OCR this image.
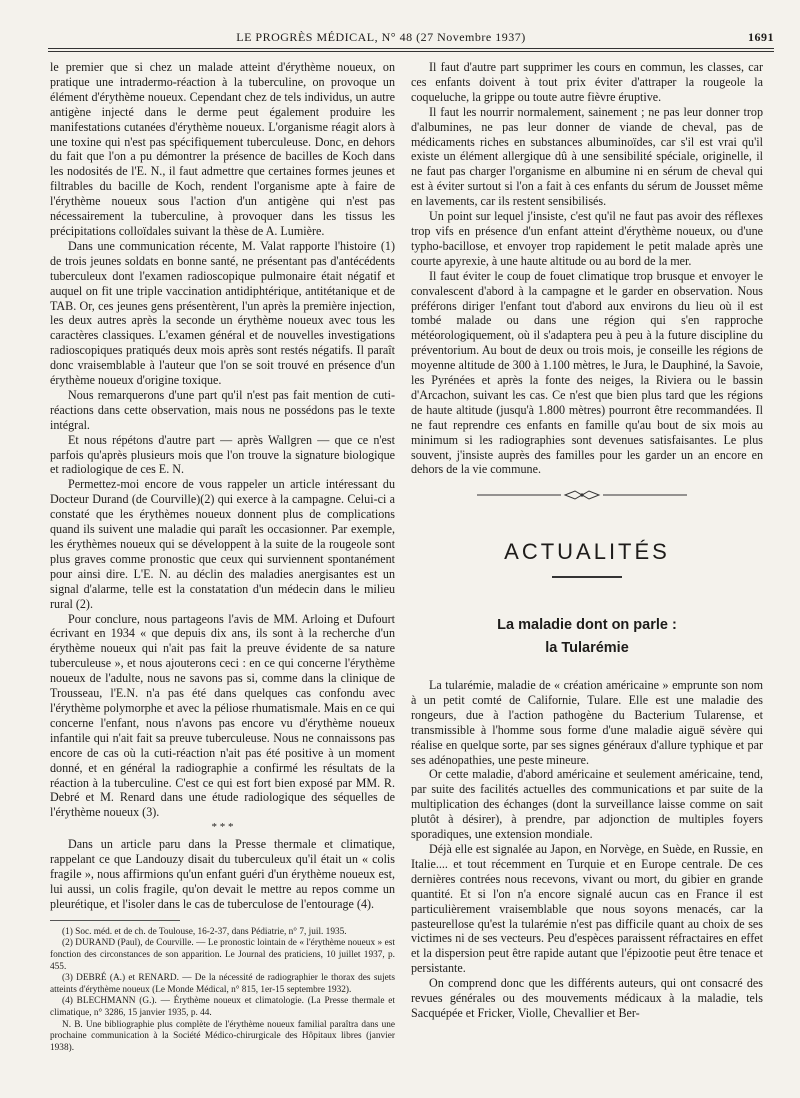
LE PROGRÈS MÉDICAL, N° 48 (27 Novembre 1937)	1691

le premier que si chez un malade atteint d'érythème noueux, on pratique une intradermo-réaction à la tuberculine, on provoque un élément d'érythème noueux. Cependant chez de tels individus, un autre antigène injecté dans le derme peut également produire les manifestations cutanées d'érythème noueux. L'organisme réagit alors à une toxine qui n'est pas spécifiquement tuberculeuse. Donc, en dehors du fait que l'on a pu démontrer la présence de bacilles de Koch dans les nodosités de l'E. N., il faut admettre que certaines formes jeunes et filtrables du bacille de Koch, rendent l'organisme apte à faire de l'érythème noueux sous l'action d'un antigène qui n'est pas nécessairement la tuberculine, à provoquer dans les tissus les précipitations colloïdales suivant la thèse de A. Lumière.

Dans une communication récente, M. Valat rapporte l'histoire (1) de trois jeunes soldats en bonne santé, ne présentant pas d'antécédents tuberculeux dont l'examen radioscopique pulmonaire était négatif et auquel on fit une triple vaccination antidiphtérique, antitétanique et de TAB. Or, ces jeunes gens présentèrent, l'un après la première injection, les deux autres après la seconde un érythème noueux avec tous les caractères classiques. L'examen général et de nouvelles investigations radioscopiques pratiqués deux mois après sont restés négatifs. Il paraît donc vraisemblable à l'auteur que l'on se soit trouvé en présence d'un érythème noueux d'origine toxique.

Nous remarquerons d'une part qu'il n'est pas fait mention de cuti-réactions dans cette observation, mais nous ne possédons pas le texte intégral.

Et nous répétons d'autre part — après Wallgren — que ce n'est parfois qu'après plusieurs mois que l'on trouve la signature biologique et radiologique de ces E. N.

Permettez-moi encore de vous rappeler un article intéressant du Docteur Durand (de Courville)(2) qui exerce à la campagne. Celui-ci a constaté que les érythèmes noueux donnent plus de complications quand ils suivent une maladie qui paraît les occasionner. Par exemple, les érythèmes noueux qui se développent à la suite de la rougeole sont plus graves comme pronostic que ceux qui surviennent spontanément pour ainsi dire. L'E. N. au déclin des maladies anergisantes est un signal d'alarme, telle est la constatation d'un médecin dans le milieu rural (2).

Pour conclure, nous partageons l'avis de MM. Arloing et Dufourt écrivant en 1934 « que depuis dix ans, ils sont à la recherche d'un érythème noueux qui n'ait pas fait la preuve évidente de sa nature tuberculeuse », et nous ajouterons ceci : en ce qui concerne l'érythème noueux de l'adulte, nous ne savons pas si, comme dans la clinique de Trousseau, l'E.N. n'a pas été dans quelques cas confondu avec l'érythème polymorphe et avec la péliose rhumatismale. Mais en ce qui concerne l'enfant, nous n'avons pas encore vu d'érythème noueux infantile qui n'ait fait sa preuve tuberculeuse. Nous ne connaissons pas encore de cas où la cuti-réaction n'ait pas été positive à un moment donné, et en général la radiographie a confirmé les résultats de la réaction à la tuberculine. C'est ce qui est fort bien exposé par MM. R. Debré et M. Renard dans une étude radiologique des séquelles de l'érythème noueux (3).

* * *

Dans un article paru dans la Presse thermale et climatique, rappelant ce que Landouzy disait du tuberculeux qu'il était un « colis fragile », nous affirmions qu'un enfant guéri d'un érythème noueux est, lui aussi, un colis fragile, qu'on devait le mettre au repos comme un pleurétique, et l'isoler dans le cas de tuberculose de l'entourage (4).

(1) Soc. méd. et de ch. de Toulouse, 16-2-37, dans Pédiatrie, n° 7, juil. 1935.

(2) DURAND (Paul), de Courville. — Le pronostic lointain de « l'érythème noueux » est fonction des circonstances de son apparition. Le Journal des praticiens, 10 juillet 1937, p. 455.

(3) DEBRÉ (A.) et RENARD. — De la nécessité de radiographier le thorax des sujets atteints d'érythème noueux (Le Monde Médical, n° 815, 1er-15 septembre 1932).

(4) BLECHMANN (G.). — Érythème noueux et climatologie. (La Presse thermale et climatique, n° 3286, 15 janvier 1935, p. 44.

N. B. Une bibliographie plus complète de l'érythème noueux familial paraîtra dans une prochaine communication à la Société Médico-chirurgicale des Hôpitaux libres (janvier 1938).

Il faut d'autre part supprimer les cours en commun, les classes, car ces enfants doivent à tout prix éviter d'attraper la rougeole la coqueluche, la grippe ou toute autre fièvre éruptive.

Il faut les nourrir normalement, sainement ; ne pas leur donner trop d'albumines, ne pas leur donner de viande de cheval, pas de médicaments riches en substances albuminoïdes, car s'il est vrai qu'il existe un élément allergique dû à une sensibilité spéciale, originelle, il ne faut pas charger l'organisme en albumine ni en sérum de cheval qui est à éviter surtout si l'on a fait à ces enfants du sérum de Jousset même en lavements, car ils restent sensibilisés.

Un point sur lequel j'insiste, c'est qu'il ne faut pas avoir des réflexes trop vifs en présence d'un enfant atteint d'érythème noueux, ou d'une typho-bacillose, et envoyer trop rapidement le petit malade après une courte apyrexie, à une haute altitude ou au bord de la mer.

Il faut éviter le coup de fouet climatique trop brusque et envoyer le convalescent d'abord à la campagne et le garder en observation. Nous préférons diriger l'enfant tout d'abord aux environs du lieu où il est tombé malade ou dans une région qui s'en rapproche météorologiquement, où il s'adaptera peu à peu à la future discipline du préventorium. Au bout de deux ou trois mois, je conseille les régions de moyenne altitude de 300 à 1.100 mètres, le Jura, le Dauphiné, la Savoie, les Pyrénées et après la fonte des neiges, la Riviera ou le bassin d'Arcachon, suivant les cas. Ce n'est que bien plus tard que les régions de haute altitude (jusqu'à 1.800 mètres) pourront être recommandées. Il ne faut reprendre ces enfants en famille qu'au bout de six mois au minimum si les radiographies sont devenues satisfaisantes. Le plus souvent, j'insiste auprès des familles pour les garder un an encore en dehors de la vie commune.

ACTUALITÉS
La maladie dont on parle :
la Tularémie

La tularémie, maladie de « création américaine » emprunte son nom à un petit comté de Californie, Tulare. Elle est une maladie des rongeurs, due à l'action pathogène du Bacterium Tularense, et transmissible à l'homme sous forme d'une maladie aiguë sévère qui réalise en quelque sorte, par ses signes généraux d'allure typhique et par ses adénopathies, une peste mineure.

Or cette maladie, d'abord américaine et seulement américaine, tend, par suite des facilités actuelles des communications et par suite de la multiplication des échanges (dont la surveillance laisse comme on sait plutôt à désirer), à prendre, par adjonction de multiples foyers sporadiques, une extension mondiale.

Déjà elle est signalée au Japon, en Norvège, en Suède, en Russie, en Italie.... et tout récemment en Turquie et en Europe centrale. De ces dernières contrées nous recevons, vivant ou mort, du gibier en grande quantité. Et si l'on n'a encore signalé aucun cas en France il est particulièrement vraisemblable que nous soyons menacés, car la pasteurellose qu'est la tularémie n'est pas difficile quant au choix de ses victimes ni de ses vecteurs. Peu d'espèces paraissent réfractaires en effet et la dispersion peut être rapide autant que l'épizootie peut être tenace et persistante.

On comprend donc que les différents auteurs, qui ont consacré des revues générales ou des mouvements médicaux à la maladie, tels Sacquépée et Fricker, Violle, Chevallier et Ber-
